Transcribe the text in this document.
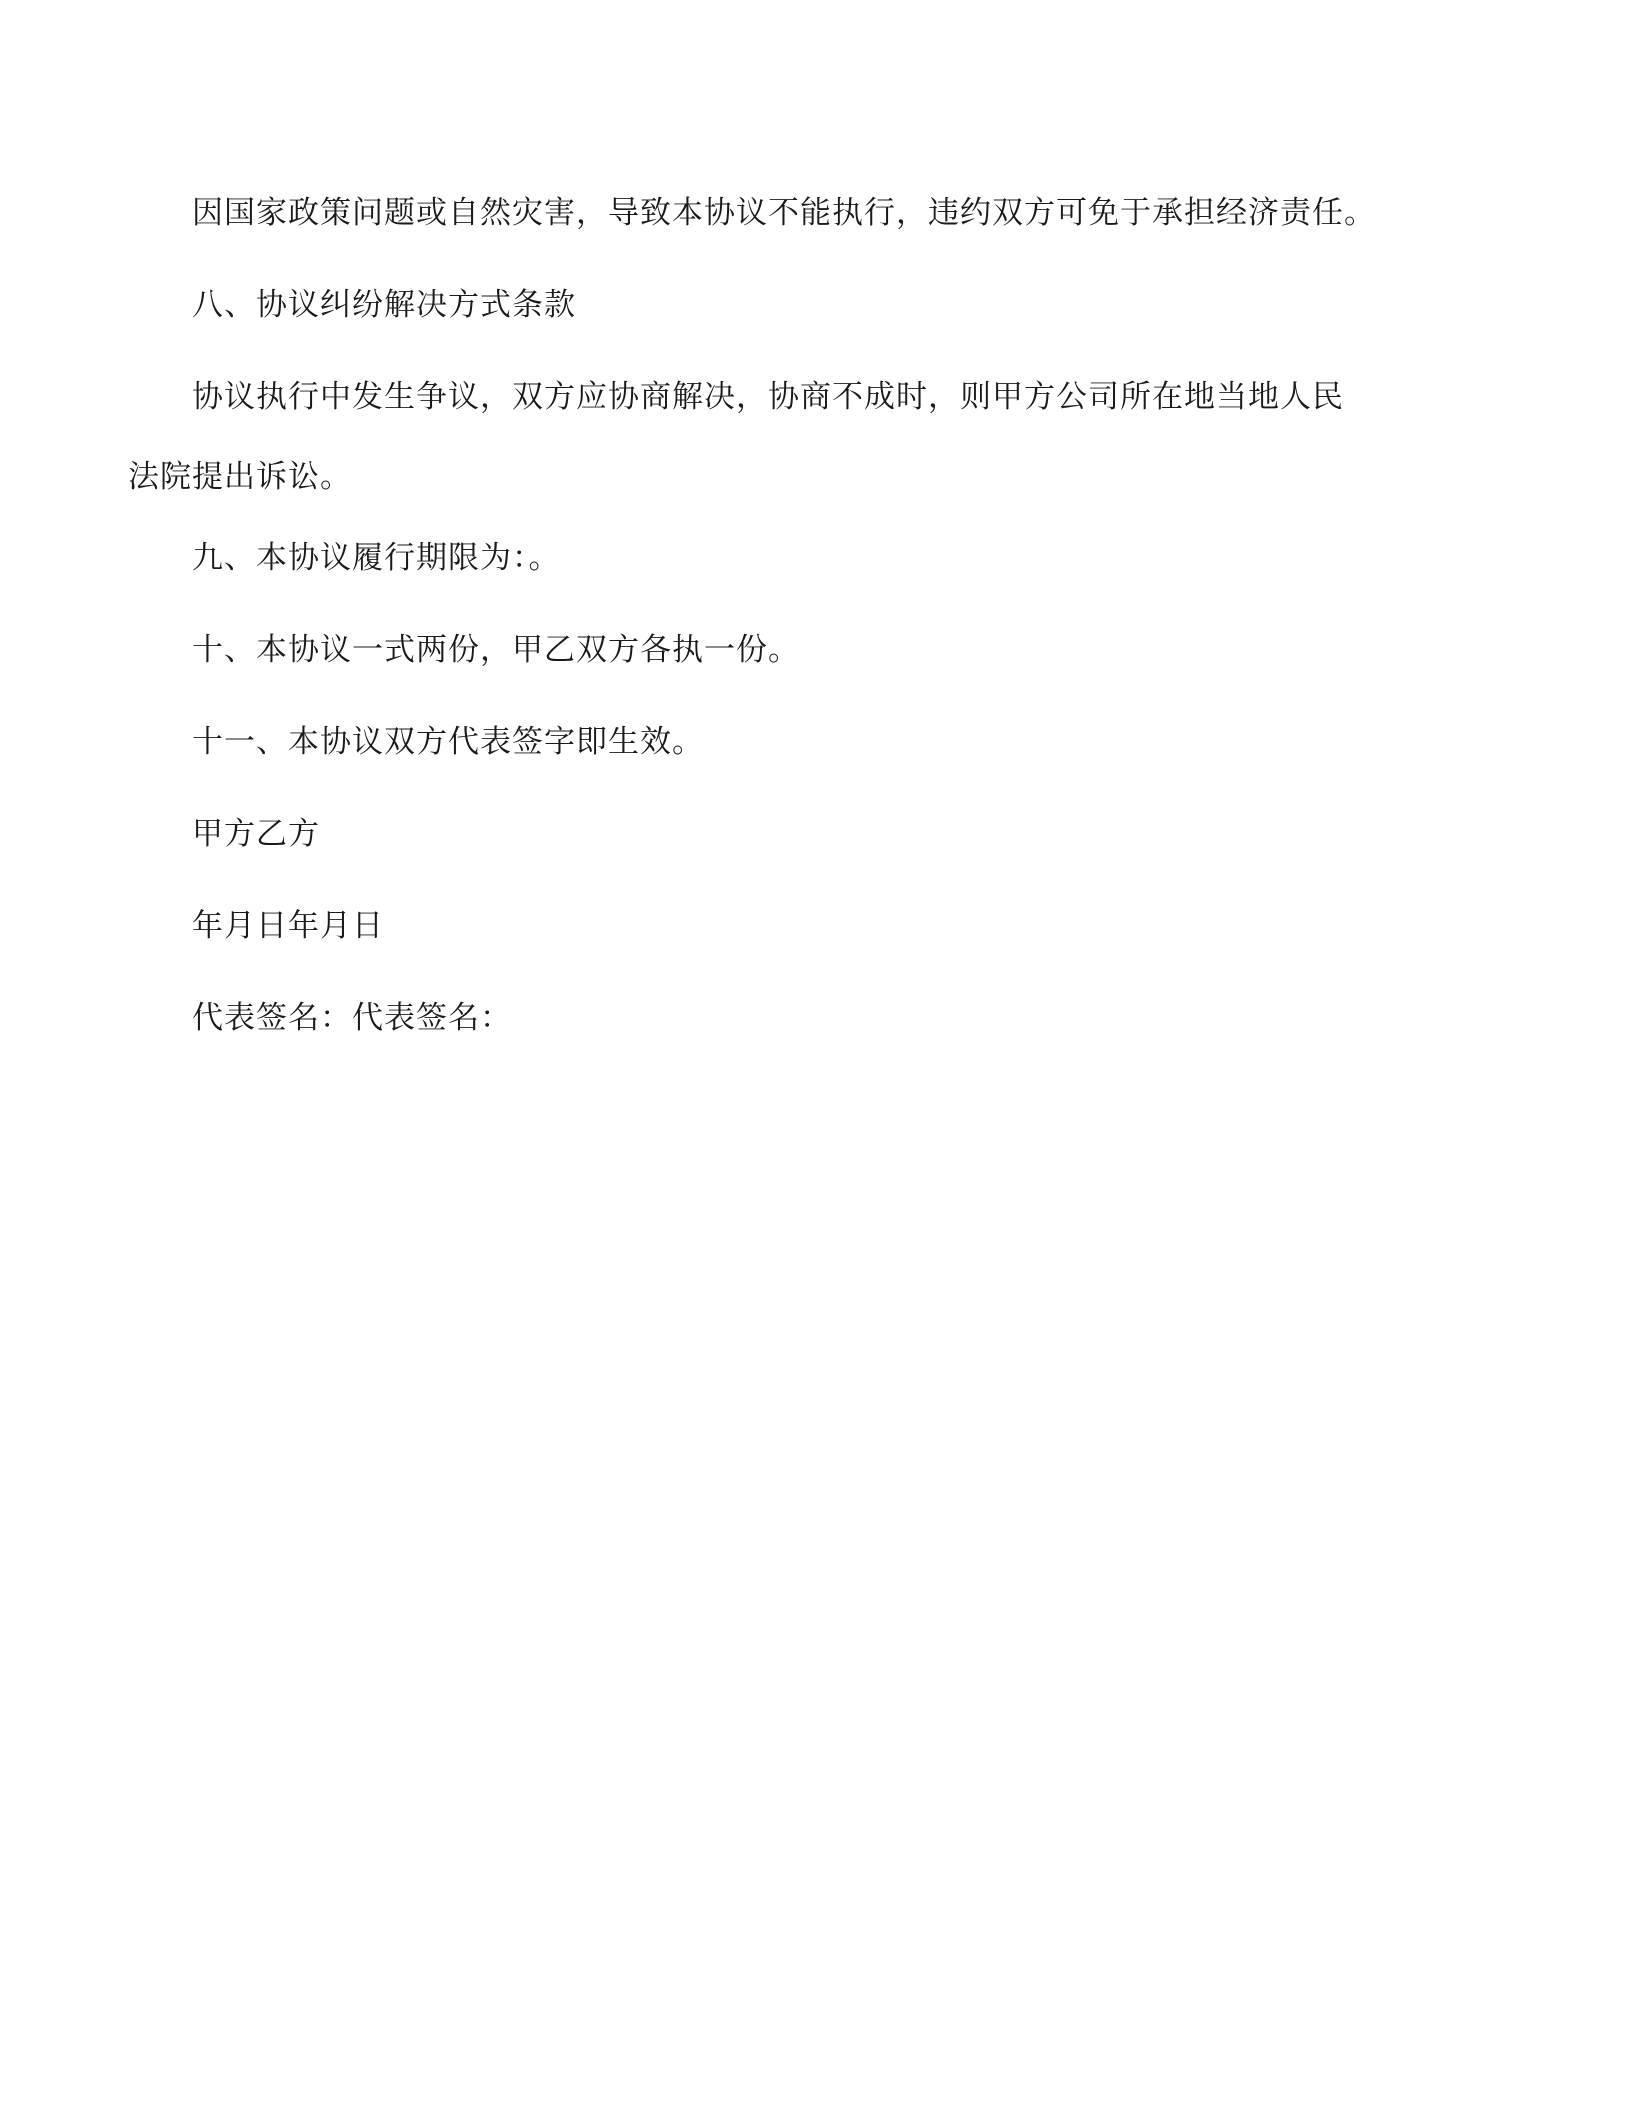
因国家政策问题或自然灾害，导致本协议不能执行，违约双方可免于承担经济责任。

八、协议纠纷解决方式条款

协议执行中发生争议，双方应协商解决，协商不成时，则甲方公司所在地当地人民
法院提出诉讼。

九、本协议履行期限为：。

十、本协议一式两份，甲乙双方各执一份。

十一、本协议双方代表签字即生效。

甲方乙方

年月日年月日

代表签名：代表签名：
